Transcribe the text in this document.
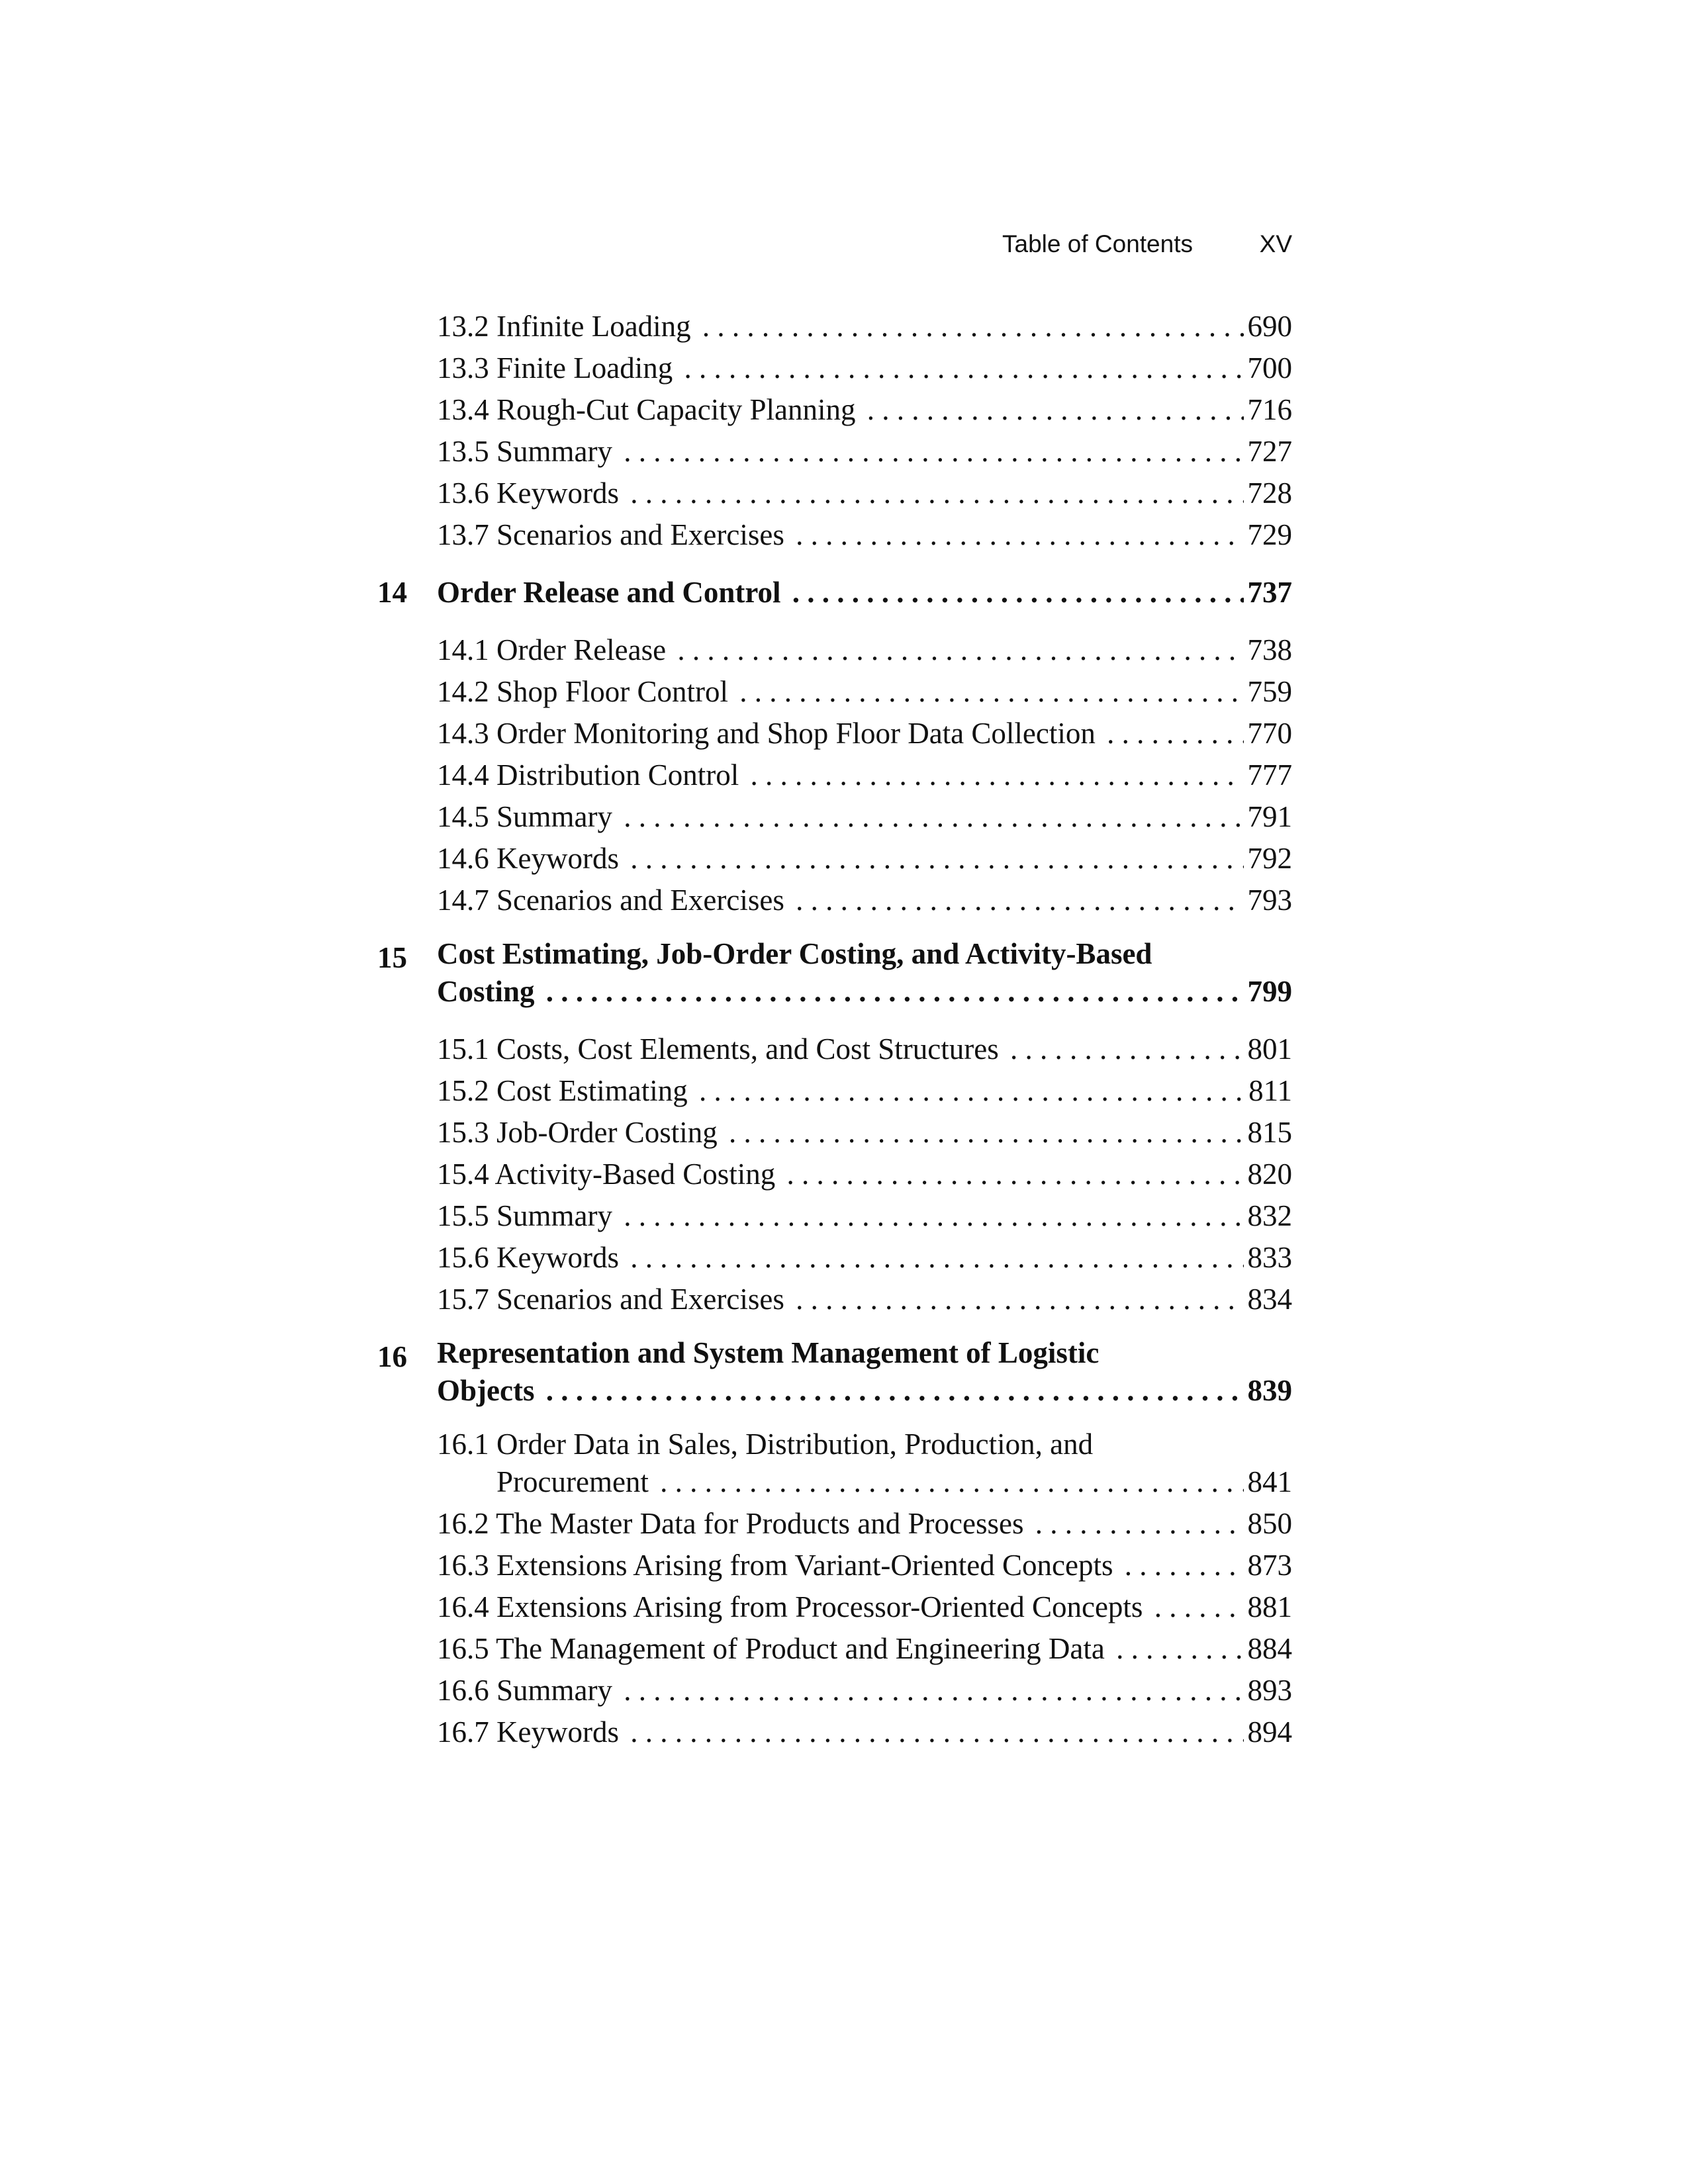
Table of Contents	XV
13.2 Infinite Loading . . .	690
13.3 Finite Loading . . .	700
13.4 Rough-Cut Capacity Planning . . .	716
13.5 Summary . . .	727
13.6 Keywords . . .	728
13.7 Scenarios and Exercises . . .	729
14 Order Release and Control . . .	737
14.1 Order Release . . .	738
14.2 Shop Floor Control . . .	759
14.3 Order Monitoring and Shop Floor Data Collection . . .	770
14.4 Distribution Control . . .	777
14.5 Summary . . .	791
14.6 Keywords . . .	792
14.7 Scenarios and Exercises . . .	793
15 Cost Estimating, Job-Order Costing, and Activity-Based
Costing . . .	799
15.1 Costs, Cost Elements, and Cost Structures . . .	801
15.2 Cost Estimating . . .	811
15.3 Job-Order Costing . . .	815
15.4 Activity-Based Costing . . .	820
15.5 Summary . . .	832
15.6 Keywords . . .	833
15.7 Scenarios and Exercises . . .	834
16 Representation and System Management of Logistic
Objects . . .	839
16.1 Order Data in Sales, Distribution, Production, and
Procurement . . .	841
16.2 The Master Data for Products and Processes . . .	850
16.3 Extensions Arising from Variant-Oriented Concepts . . .	873
16.4 Extensions Arising from Processor-Oriented Concepts . . .	881
16.5 The Management of Product and Engineering Data . . .	884
16.6 Summary . . .	893
16.7 Keywords . . .	894
